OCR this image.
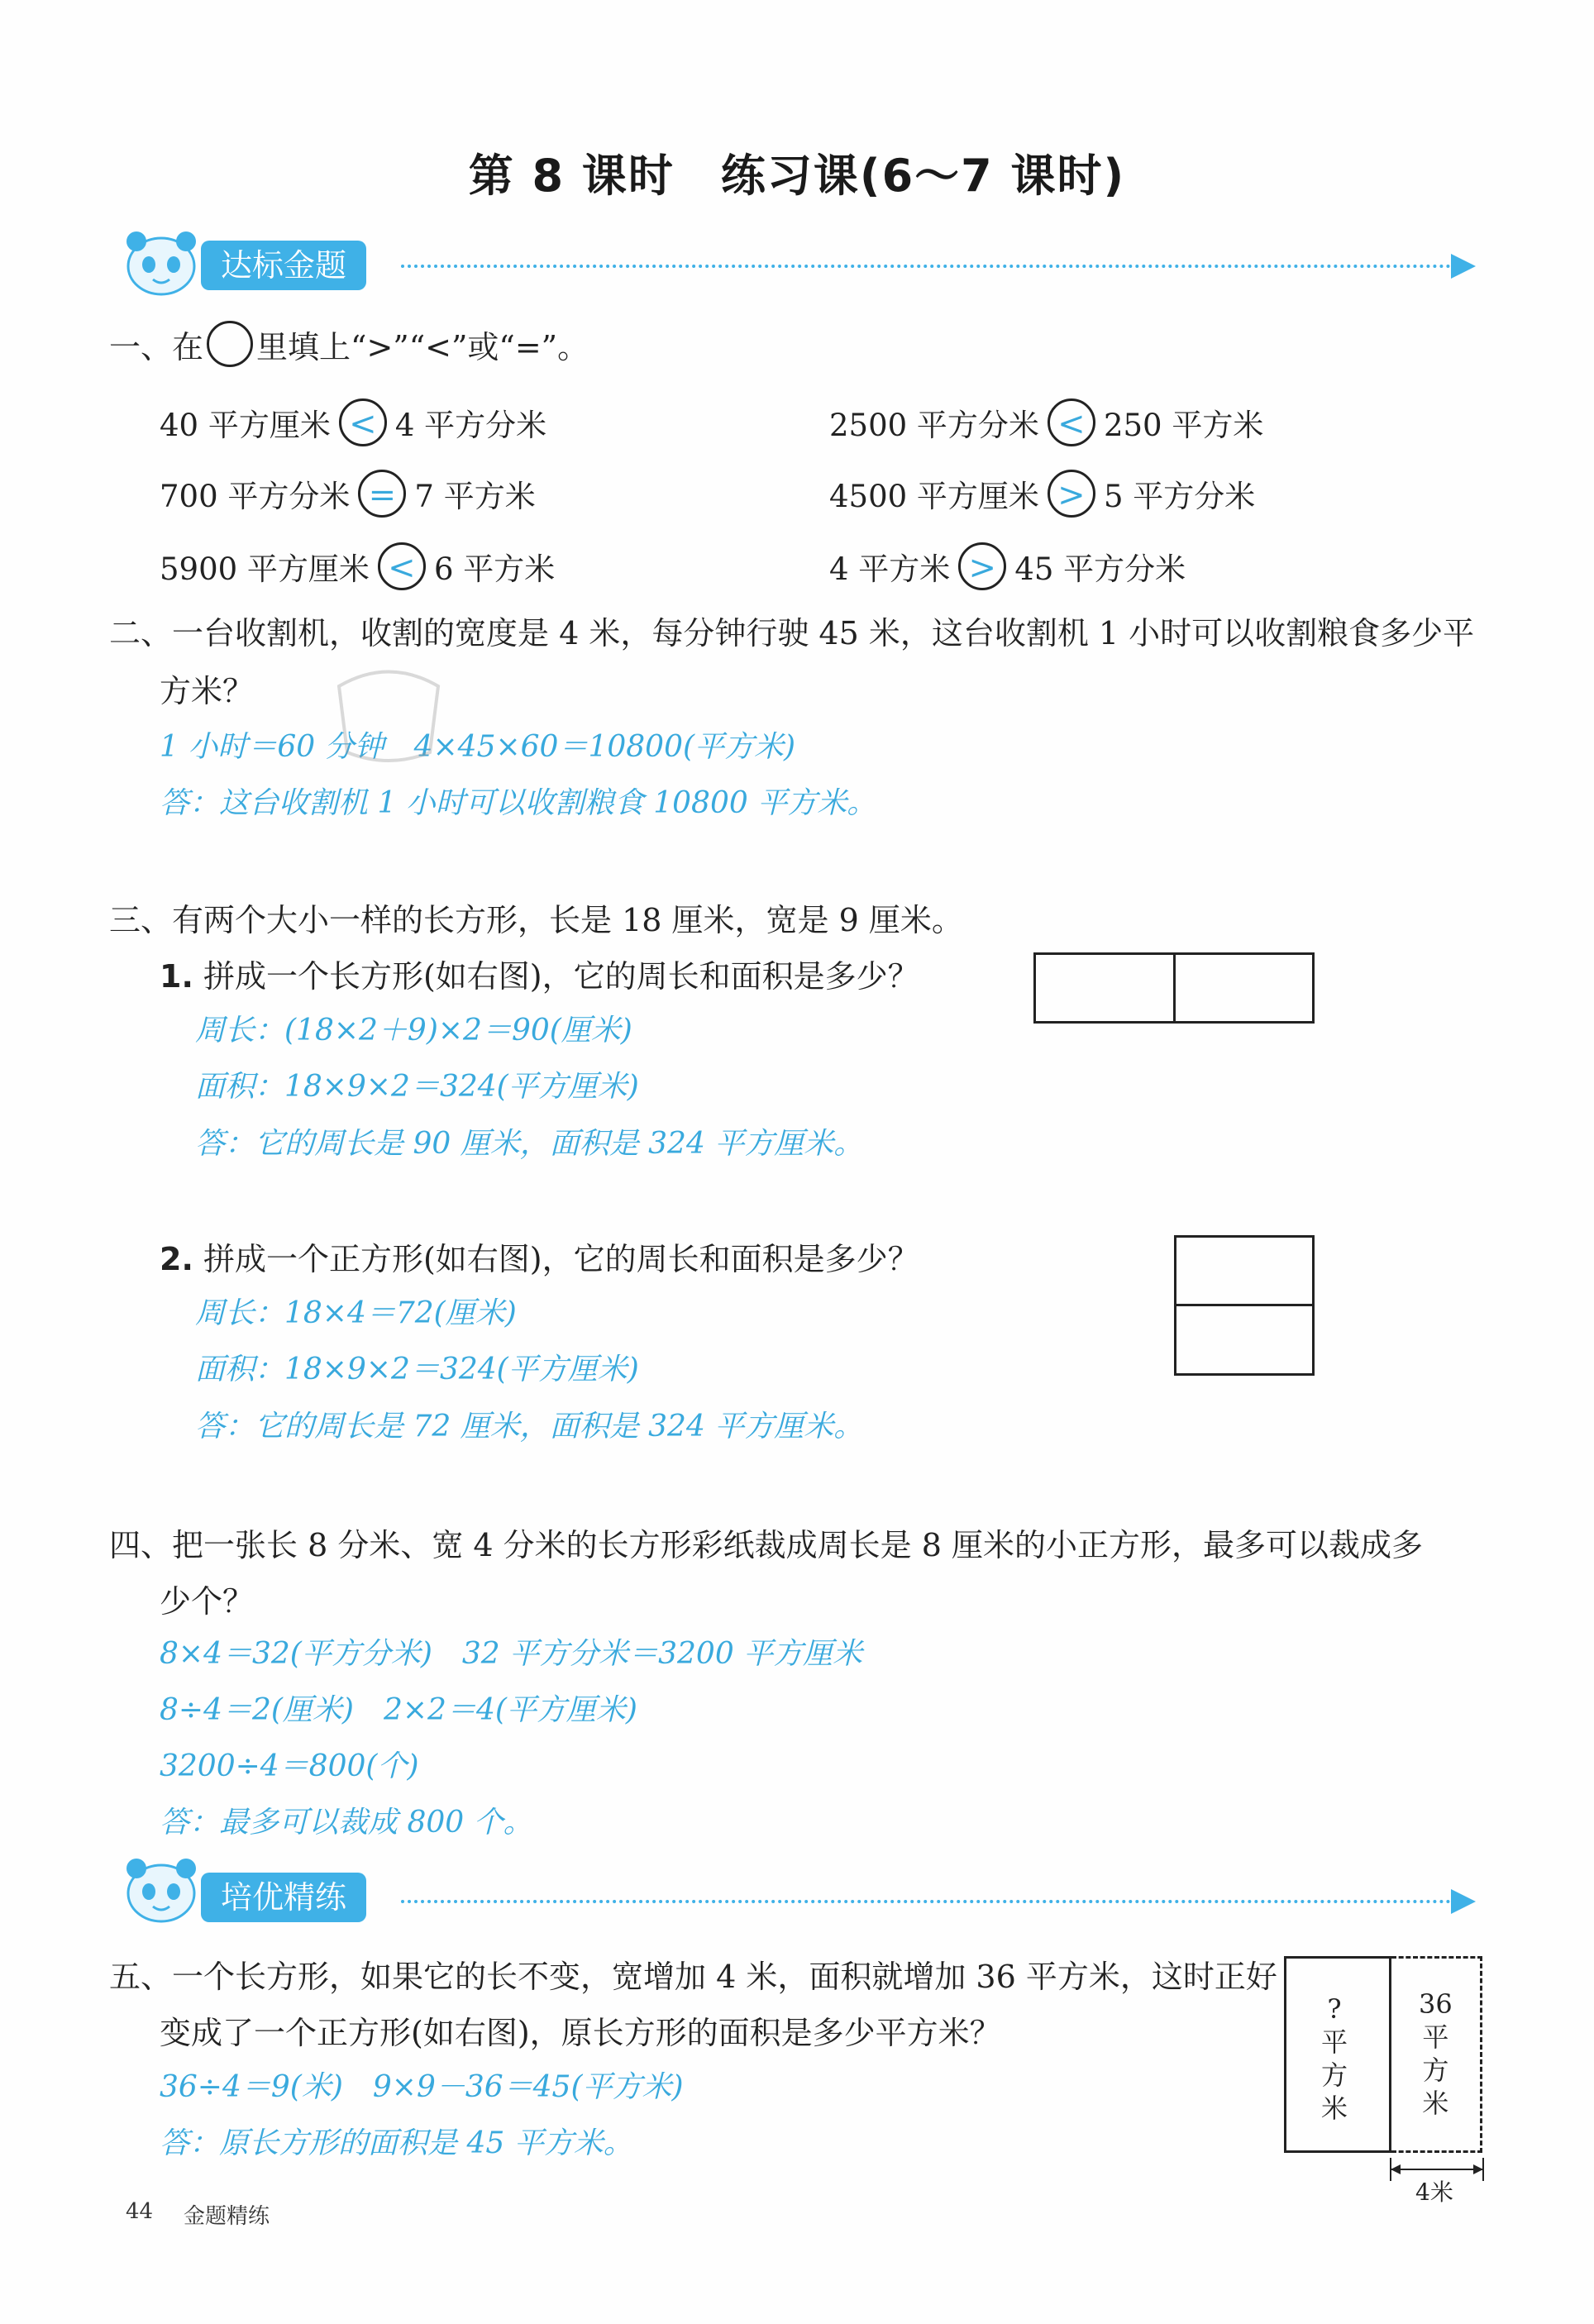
第 8 课时　练习课(6～7 课时)
达标金题
一、在 里填上“>”“<”或“=”。
40 平方厘米 < 4 平方分米	2500 平方分米 < 250 平方米
700 平方分米 = 7 平方米	4500 平方厘米 > 5 平方分米
5900 平方厘米 < 6 平方米	4 平方米 > 45 平方分米
二、一台收割机，收割的宽度是 4 米，每分钟行驶 45 米，这台收割机 1 小时可以收割粮食多少平
方米？
1 小时＝60 分钟　4×45×60＝10800(平方米)
答：这台收割机 1 小时可以收割粮食 10800 平方米。
三、有两个大小一样的长方形，长是 18 厘米，宽是 9 厘米。
1. 拼成一个长方形(如右图)，它的周长和面积是多少？
周长：(18×2＋9)×2＝90(厘米)
面积：18×9×2＝324(平方厘米)
答：它的周长是 90 厘米，面积是 324 平方厘米。
2. 拼成一个正方形(如右图)，它的周长和面积是多少？
周长：18×4＝72(厘米)
面积：18×9×2＝324(平方厘米)
答：它的周长是 72 厘米，面积是 324 平方厘米。
四、把一张长 8 分米、宽 4 分米的长方形彩纸裁成周长是 8 厘米的小正方形，最多可以裁成多
少个？
8×4＝32(平方分米)　32 平方分米＝3200 平方厘米
8÷4＝2(厘米)　2×2＝4(平方厘米)
3200÷4＝800(个)
答：最多可以裁成 800 个。
培优精练
五、一个长方形，如果它的长不变，宽增加 4 米，面积就增加 36 平方米，这时正好
变成了一个正方形(如右图)，原长方形的面积是多少平方米？
36÷4＝9(米)　9×9－36＝45(平方米)
答：原长方形的面积是 45 平方米。
?
平
方
米
36
平
方
米
4米
44 金题精练
